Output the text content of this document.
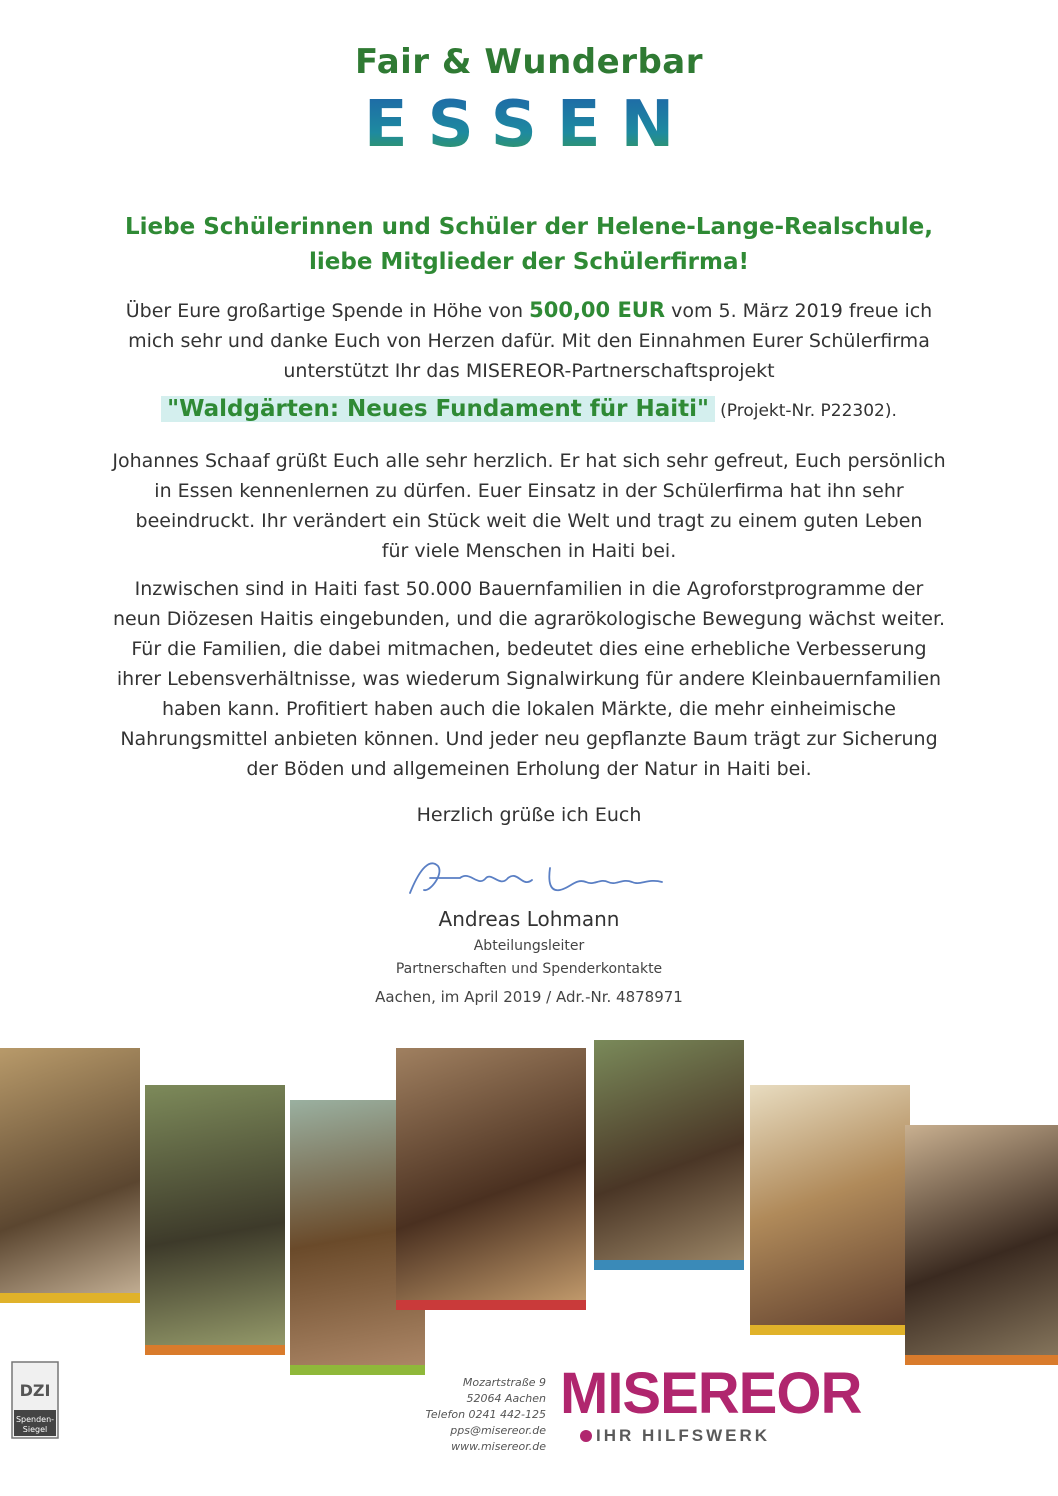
Fair & Wunderbar
ESSEN
Liebe Schülerinnen und Schüler der Helene-Lange-Realschule,
liebe Mitglieder der Schülerfirma!
Über Eure großartige Spende in Höhe von 500,00 EUR vom 5. März 2019 freue ich
mich sehr und danke Euch von Herzen dafür. Mit den Einnahmen Eurer Schülerfirma
unterstützt Ihr das MISEREOR-Partnerschaftsprojekt
"Waldgärten: Neues Fundament für Haiti" (Projekt-Nr. P22302).
Johannes Schaaf grüßt Euch alle sehr herzlich. Er hat sich sehr gefreut, Euch persönlich
in Essen kennenlernen zu dürfen. Euer Einsatz in der Schülerfirma hat ihn sehr
beeindruckt. Ihr verändert ein Stück weit die Welt und tragt zu einem guten Leben
für viele Menschen in Haiti bei.
Inzwischen sind in Haiti fast 50.000 Bauernfamilien in die Agroforstprogramme der
neun Diözesen Haitis eingebunden, und die agrarökologische Bewegung wächst weiter.
Für die Familien, die dabei mitmachen, bedeutet dies eine erhebliche Verbesserung
ihrer Lebensverhältnisse, was wiederum Signalwirkung für andere Kleinbauernfamilien
haben kann. Profitiert haben auch die lokalen Märkte, die mehr einheimische
Nahrungsmittel anbieten können. Und jeder neu gepflanzte Baum trägt zur Sicherung
der Böden und allgemeinen Erholung der Natur in Haiti bei.
Herzlich grüße ich Euch
Andreas Lohmann
Abteilungsleiter
Partnerschaften und Spenderkontakte
Aachen, im April 2019 / Adr.-Nr. 4878971
DZI
Spenden-
Siegel
Mozartstraße 9
52064 Aachen
Telefon 0241 442-125
pps@misereor.de
www.misereor.de
MISEREOR
IHR HILFSWERK
